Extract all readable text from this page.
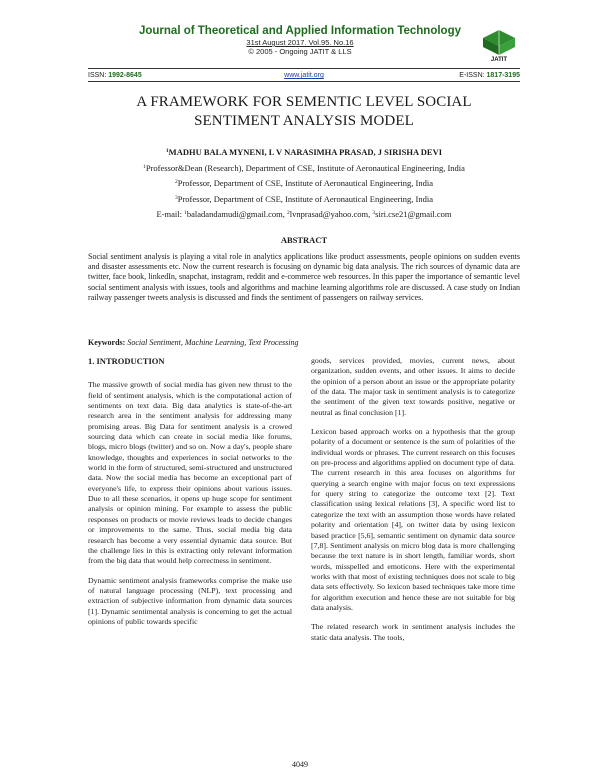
Journal of Theoretical and Applied Information Technology
31st August 2017. Vol.95. No.16
© 2005 - Ongoing JATIT & LLS
JATIT
ISSN: 1992-8645	www.jatit.org	E-ISSN: 1817-3195
A FRAMEWORK FOR SEMENTIC LEVEL SOCIAL
SENTIMENT ANALYSIS MODEL
$^1$MADHU BALA MYNENI, L V NARASIMHA PRASAD, J SIRISHA DEVI
$^1$Professor&Dean (Research), Department of CSE, Institute of Aeronautical Engineering, India
$^2$Professor, Department of CSE, Institute of Aeronautical Engineering, India
$^3$Professor, Department of CSE, Institute of Aeronautical Engineering, India
E-mail: $^1$baladandamudi@gmail.com, $^2$lvnprasad@yahoo.com, $^3$siri.cse21@gmail.com
ABSTRACT
Social sentiment analysis is playing a vital role in analytics applications like product assessments, people opinions on sudden events and disaster assessments etc. Now the current research is focusing on dynamic big data analysis. The rich sources of dynamic data are twitter, face book, linkedIn, snapchat, instagram, reddit and e-commerce web resources. In this paper the importance of semantic level social sentiment analysis with issues, tools and algorithms and machine learning algorithms role are discussed. A case study on Indian railway passenger tweets analysis is discussed and finds the sentiment of passengers on railway services.
Keywords: Social Sentiment, Machine Learning, Text Processing
1. INTRODUCTION

The massive growth of social media has given new thrust to the field of sentiment analysis, which is the computational action of sentiments on text data. Big data analytics is state-of-the-art research area in the sentiment analysis for addressing many promising areas. Big Data for sentiment analysis is a crowed sourcing data which can create in social media like forums, blogs, micro blogs (twitter) and so on. Now a day's, people share knowledge, thoughts and experiences in social networks to the world in the form of structured, semi-structured and unstructured data. Now the social media has become an exceptional part of everyone's life, to express their opinions about various issues. Due to all these scenarios, it opens up huge scope for sentiment analysis or opinion mining. For example to assess the public responses on products or movie reviews leads to decide changes or improvements to the same. Thus, social media big data research has become a very essential dynamic data source. But the challenge lies in this is extracting only relevant information from the big data that would help correctness in sentiment.

Dynamic sentiment analysis frameworks comprise the make use of natural language processing (NLP), text processing and extraction of subjective information from dynamic data sources [1]. Dynamic sentimental analysis is concerning to get the actual opinions of public towards specific

goods, services provided, movies, current news, about organization, sudden events, and other issues. It aims to decide the opinion of a person about an issue or the appropriate polarity of the data. The major task in sentiment analysis is to categorize the sentiment of the given text towards positive, negative or neutral as final conclusion [1].

Lexicon based approach works on a hypothesis that the group polarity of a document or sentence is the sum of polarities of the individual words or phrases. The current research on this focuses on pre-process and algorithms applied on document type of data. The current research in this area focuses on algorithms for querying a search engine with major focus on text expressions for query string to categorize the outcome text [2]. Text classification using lexical relations [3], A specific word list to categorize the text with an assumption those words have related polarity and orientation [4], on twitter data by using lexicon based practice [5,6], semantic sentiment on dynamic data source [7,8]. Sentiment analysis on micro blog data is more challenging because the text nature is in short length, familiar words, short words, misspelled and emoticons. Here with the experimental works with that most of existing techniques does not scale to big data sets effectively. So lexicon based techniques take more time for algorithm execution and hence these are not suitable for big data analysis.

The related research work in sentiment analysis includes the static data analysis. The tools,

4049
